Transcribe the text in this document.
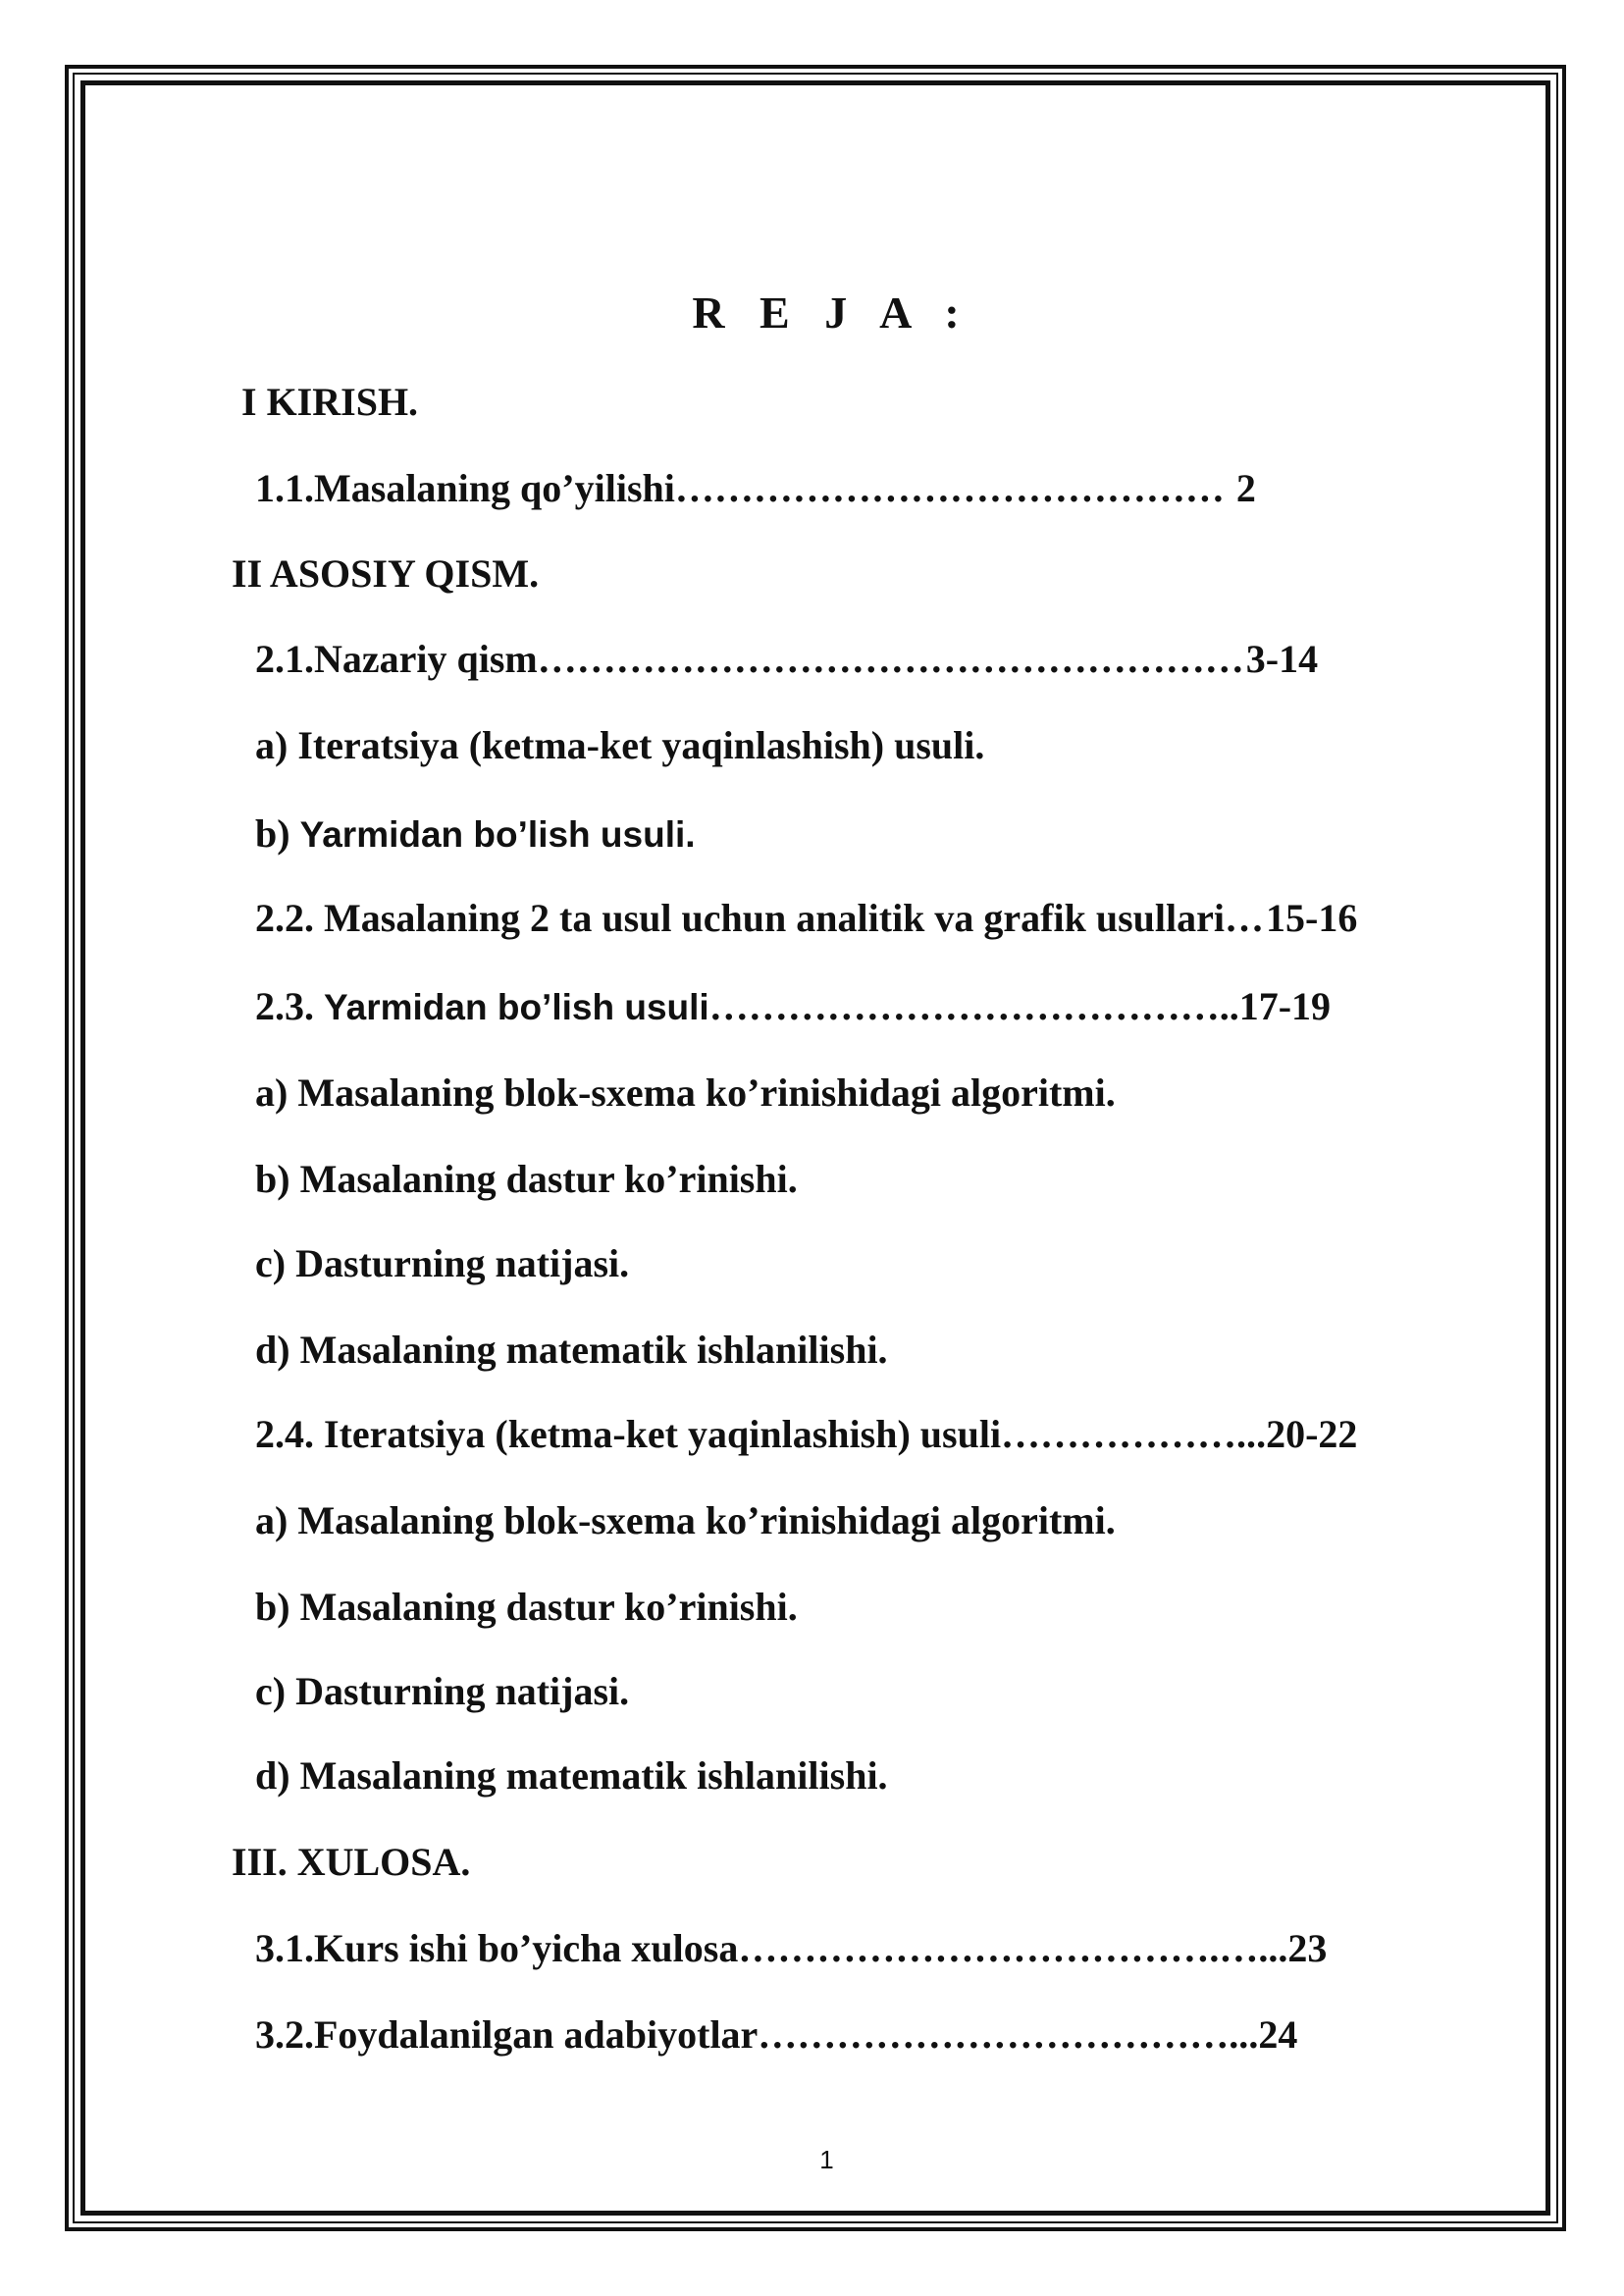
R E J A :
I KIRISH.
1.1.Masalaning qo’yilishi…………………………………… 2
II ASOSIY QISM.
2.1.Nazariy qism………………………………………………3-14
a) Iteratsiya (ketma-ket yaqinlashish) usuli.
b) Yarmidan bo’lish usuli.
2.2. Masalaning 2 ta usul uchun analitik va grafik usullari…15-16
2.3. Yarmidan bo’lish usuli…………………………………..17-19
a) Masalaning blok-sxema ko’rinishidagi algoritmi.
b) Masalaning dastur ko’rinishi.
c) Dasturning natijasi.
d) Masalaning matematik ishlanilishi.
2.4. Iteratsiya (ketma-ket yaqinlashish) usuli………………...20-22
a) Masalaning blok-sxema ko’rinishidagi algoritmi.
b) Masalaning dastur ko’rinishi.
c) Dasturning natijasi.
d) Masalaning matematik ishlanilishi.
III. XULOSA.
3.1.Kurs ishi bo’yicha xulosa……………………………….…...23
3.2.Foydalanilgan adabiyotlar………………………………...24
1
